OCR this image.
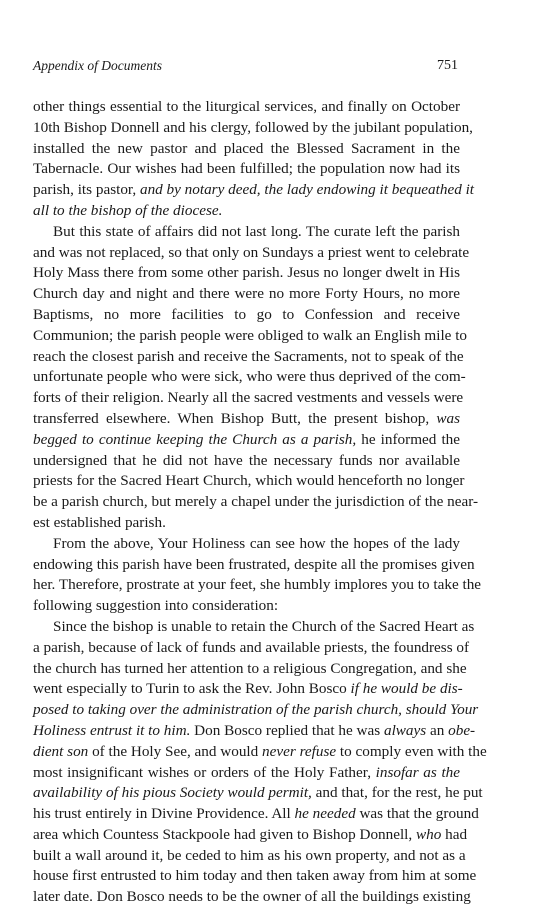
Appendix of Documents	751
other things essential to the liturgical services, and finally on October
10th Bishop Donnell and his clergy, followed by the jubilant population,
installed the new pastor and placed the Blessed Sacrament in the
Tabernacle. Our wishes had been fulfilled; the population now had its
parish, its pastor, and by notary deed, the lady endowing it bequeathed it
all to the bishop of the diocese.
But this state of affairs did not last long. The curate left the parish
and was not replaced, so that only on Sundays a priest went to celebrate
Holy Mass there from some other parish. Jesus no longer dwelt in His
Church day and night and there were no more Forty Hours, no more
Baptisms, no more facilities to go to Confession and receive
Communion; the parish people were obliged to walk an English mile to
reach the closest parish and receive the Sacraments, not to speak of the
unfortunate people who were sick, who were thus deprived of the com-
forts of their religion. Nearly all the sacred vestments and vessels were
transferred elsewhere. When Bishop Butt, the present bishop, was
begged to continue keeping the Church as a parish, he informed the
undersigned that he did not have the necessary funds nor available
priests for the Sacred Heart Church, which would henceforth no longer
be a parish church, but merely a chapel under the jurisdiction of the near-
est established parish.
From the above, Your Holiness can see how the hopes of the lady
endowing this parish have been frustrated, despite all the promises given
her. Therefore, prostrate at your feet, she humbly implores you to take the
following suggestion into consideration:
Since the bishop is unable to retain the Church of the Sacred Heart as
a parish, because of lack of funds and available priests, the foundress of
the church has turned her attention to a religious Congregation, and she
went especially to Turin to ask the Rev. John Bosco if he would be dis-
posed to taking over the administration of the parish church, should Your
Holiness entrust it to him. Don Bosco replied that he was always an obe-
dient son of the Holy See, and would never refuse to comply even with the
most insignificant wishes or orders of the Holy Father, insofar as the
availability of his pious Society would permit, and that, for the rest, he put
his trust entirely in Divine Providence. All he needed was that the ground
area which Countess Stackpoole had given to Bishop Donnell, who had
built a wall around it, be ceded to him as his own property, and not as a
house first entrusted to him today and then taken away from him at some
later date. Don Bosco needs to be the owner of all the buildings existing
